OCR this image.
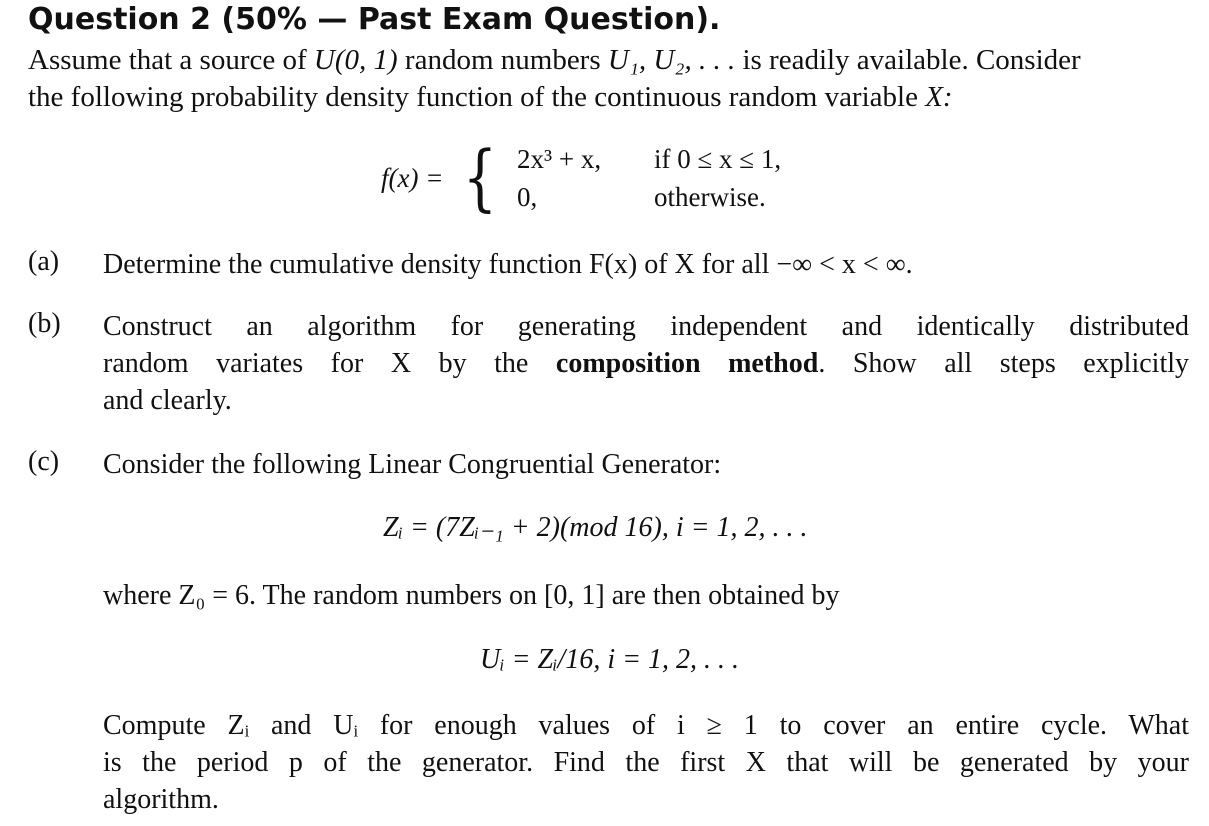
Question 2 (50% — Past Exam Question).
Assume that a source of U(0, 1) random numbers U₁, U₂, . . . is readily available. Consider
the following probability density function of the continuous random variable X:
f(x) = { 2x³ + x, if 0 ≤ x ≤ 1,
0,	otherwise.
(a) Determine the cumulative density function F(x) of X for all −∞ < x < ∞.
(b) Construct an algorithm for generating independent and identically distributed
random variates for X by the composition method. Show all steps explicitly
and clearly.
(c) Consider the following Linear Congruential Generator:
Zᵢ = (7Zᵢ₋₁ + 2)(mod 16), i = 1, 2, . . .
where Z₀ = 6. The random numbers on [0, 1] are then obtained by
Uᵢ = Zᵢ/16, i = 1, 2, . . .
Compute Zᵢ and Uᵢ for enough values of i ≥ 1 to cover an entire cycle. What
is the period p of the generator. Find the first X that will be generated by your
algorithm.
